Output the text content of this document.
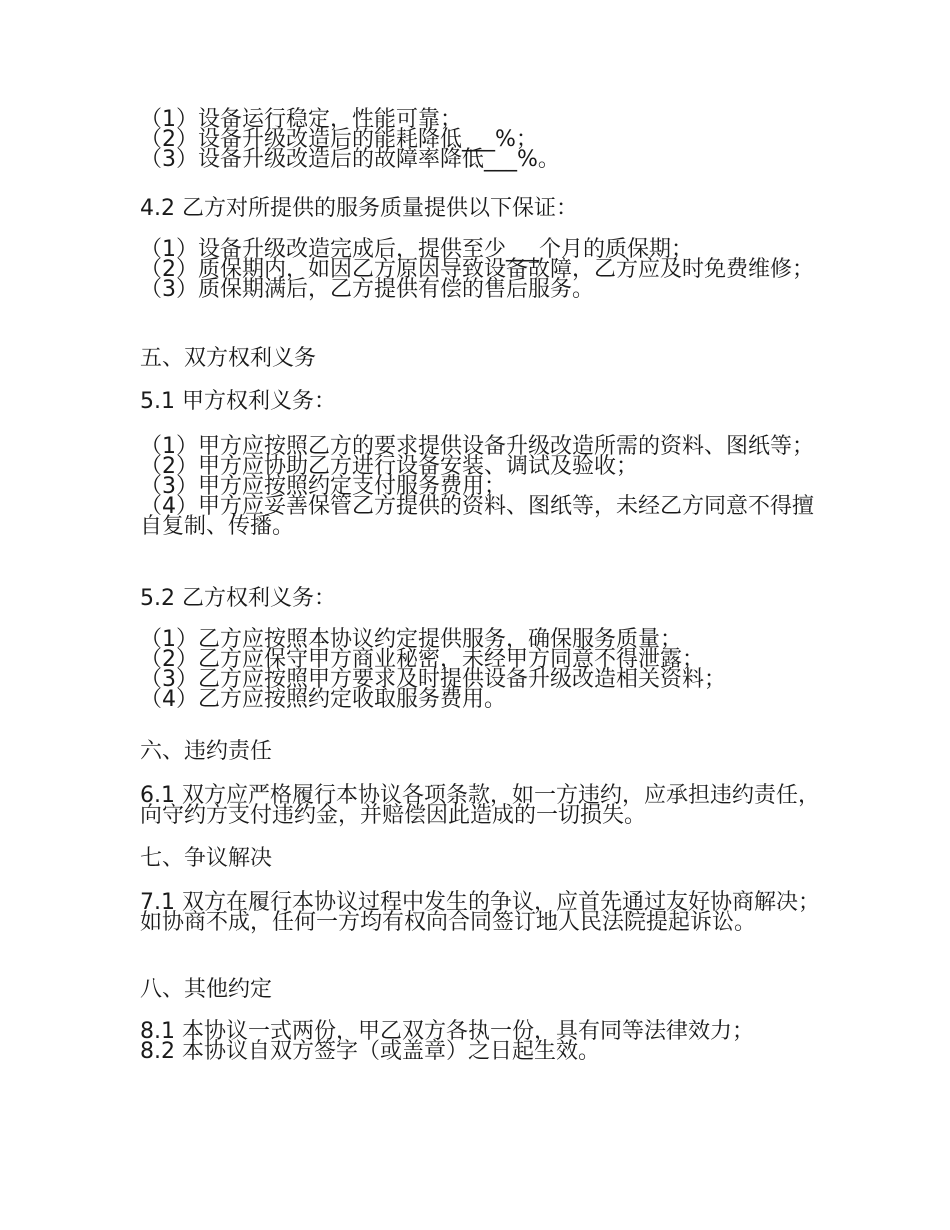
（1）设备运行稳定，性能可靠；
（2）设备升级改造后的能耗降低___%；
（3）设备升级改造后的故障率降低___%。
4.2 乙方对所提供的服务质量提供以下保证：
（1）设备升级改造完成后，提供至少___个月的质保期；
（2）质保期内，如因乙方原因导致设备故障，乙方应及时免费维修；
（3）质保期满后，乙方提供有偿的售后服务。
五、双方权利义务
5.1 甲方权利义务：
（1）甲方应按照乙方的要求提供设备升级改造所需的资料、图纸等；
（2）甲方应协助乙方进行设备安装、调试及验收；
（3）甲方应按照约定支付服务费用；
（4）甲方应妥善保管乙方提供的资料、图纸等，未经乙方同意不得擅自复制、传播。
5.2 乙方权利义务：
（1）乙方应按照本协议约定提供服务，确保服务质量；
（2）乙方应保守甲方商业秘密，未经甲方同意不得泄露；
（3）乙方应按照甲方要求及时提供设备升级改造相关资料；
（4）乙方应按照约定收取服务费用。
六、违约责任
6.1 双方应严格履行本协议各项条款，如一方违约，应承担违约责任，向守约方支付违约金，并赔偿因此造成的一切损失。
七、争议解决
7.1 双方在履行本协议过程中发生的争议，应首先通过友好协商解决；如协商不成，任何一方均有权向合同签订地人民法院提起诉讼。
八、其他约定
8.1 本协议一式两份，甲乙双方各执一份，具有同等法律效力；
8.2 本协议自双方签字（或盖章）之日起生效。
